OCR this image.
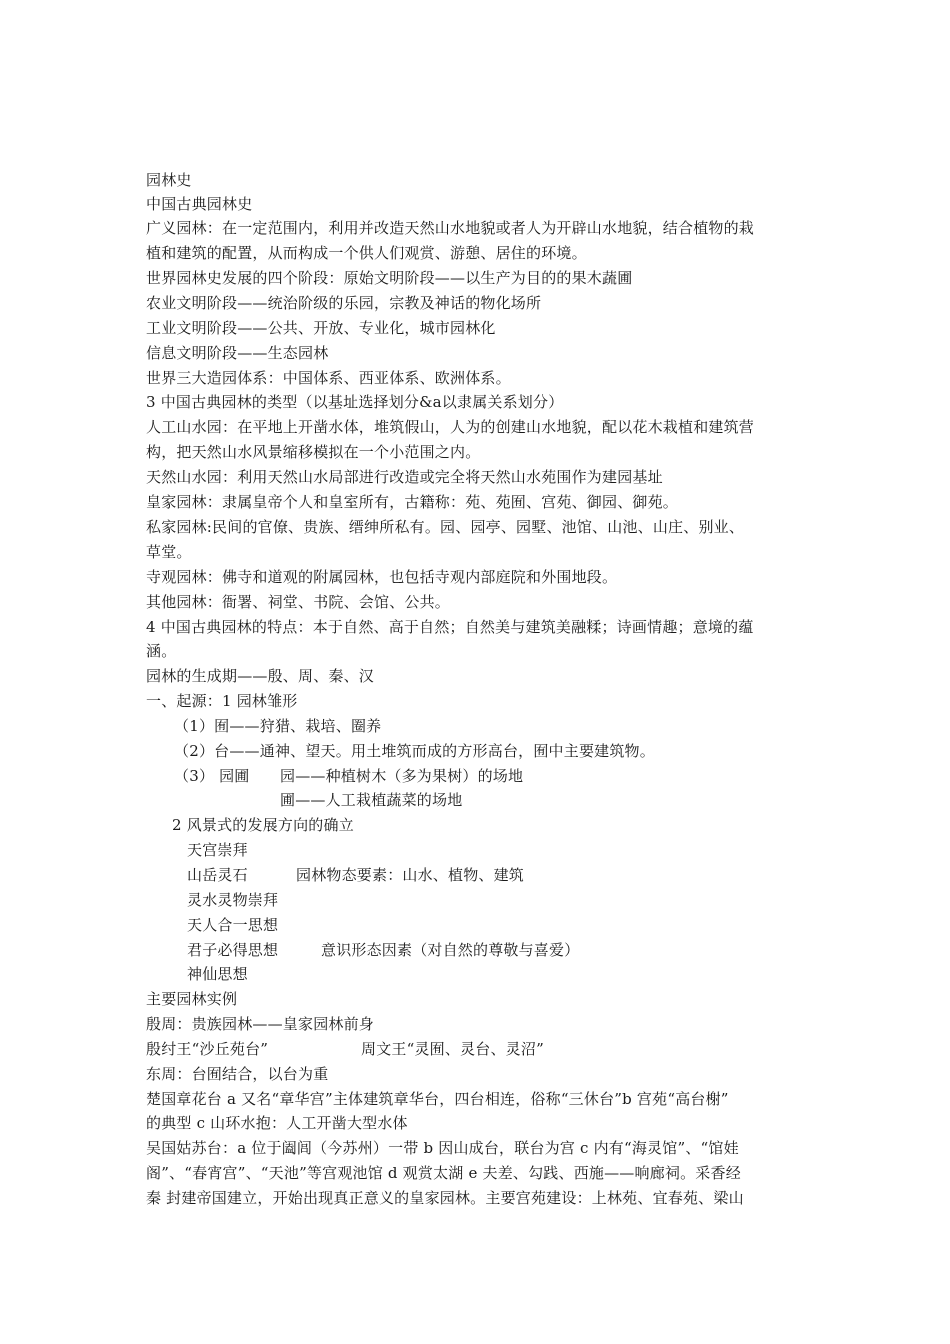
园林史
中国古典园林史
广义园林：在一定范围内，利用并改造天然山水地貌或者人为开辟山水地貌，结合植物的栽
植和建筑的配置，从而构成一个供人们观赏、游憩、居住的环境。
世界园林史发展的四个阶段：原始文明阶段——以生产为目的的果木蔬圃
农业文明阶段——统治阶级的乐园，宗教及神话的物化场所
工业文明阶段——公共、开放、专业化，城市园林化
信息文明阶段——生态园林
世界三大造园体系：中国体系、西亚体系、欧洲体系。
3 中国古典园林的类型（以基址选择划分&a以隶属关系划分）
人工山水园：在平地上开凿水体，堆筑假山，人为的创建山水地貌，配以花木栽植和建筑营
构，把天然山水风景缩移模拟在一个小范围之内。
天然山水园：利用天然山水局部进行改造或完全将天然山水苑围作为建园基址
皇家园林：隶属皇帝个人和皇室所有，古籍称：苑、苑囿、宫苑、御园、御苑。
私家园林:民间的官僚、贵族、缙绅所私有。园、园亭、园墅、池馆、山池、山庄、别业、
草堂。
寺观园林：佛寺和道观的附属园林，也包括寺观内部庭院和外围地段。
其他园林：衙署、祠堂、书院、会馆、公共。
4 中国古典园林的特点：本于自然、高于自然；自然美与建筑美融糅；诗画情趣；意境的蕴
涵。
园林的生成期——殷、周、秦、汉
一、起源：1 园林雏形
（1）囿——狩猎、栽培、圈养
（2）台——通神、望天。用土堆筑而成的方形高台，囿中主要建筑物。
（3） 园圃 园——种植树木（多为果树）的场地
圃——人工栽植蔬菜的场地
2 风景式的发展方向的确立
天宫崇拜
山岳灵石	园林物态要素：山水、植物、建筑
灵水灵物崇拜
天人合一思想
君子必得思想	意识形态因素（对自然的尊敬与喜爱）
神仙思想
主要园林实例
殷周：贵族园林——皇家园林前身
殷纣王“沙丘苑台”	周文王“灵囿、灵台、灵沼”
东周：台囿结合，以台为重
楚国章花台 a 又名“章华宫”主体建筑章华台，四台相连，俗称“三休台”b 宫苑“高台榭”
的典型 c 山环水抱：人工开凿大型水体
吴国姑苏台：a 位于阖闾（今苏州）一带 b 因山成台，联台为宫 c 内有“海灵馆”、“馆娃
阁”、“春宵宫”、“天池”等宫观池馆 d 观赏太湖 e 夫差、勾践、西施——响廊祠。采香经
秦 封建帝国建立，开始出现真正意义的皇家园林。主要宫苑建设：上林苑、宜春苑、梁山
